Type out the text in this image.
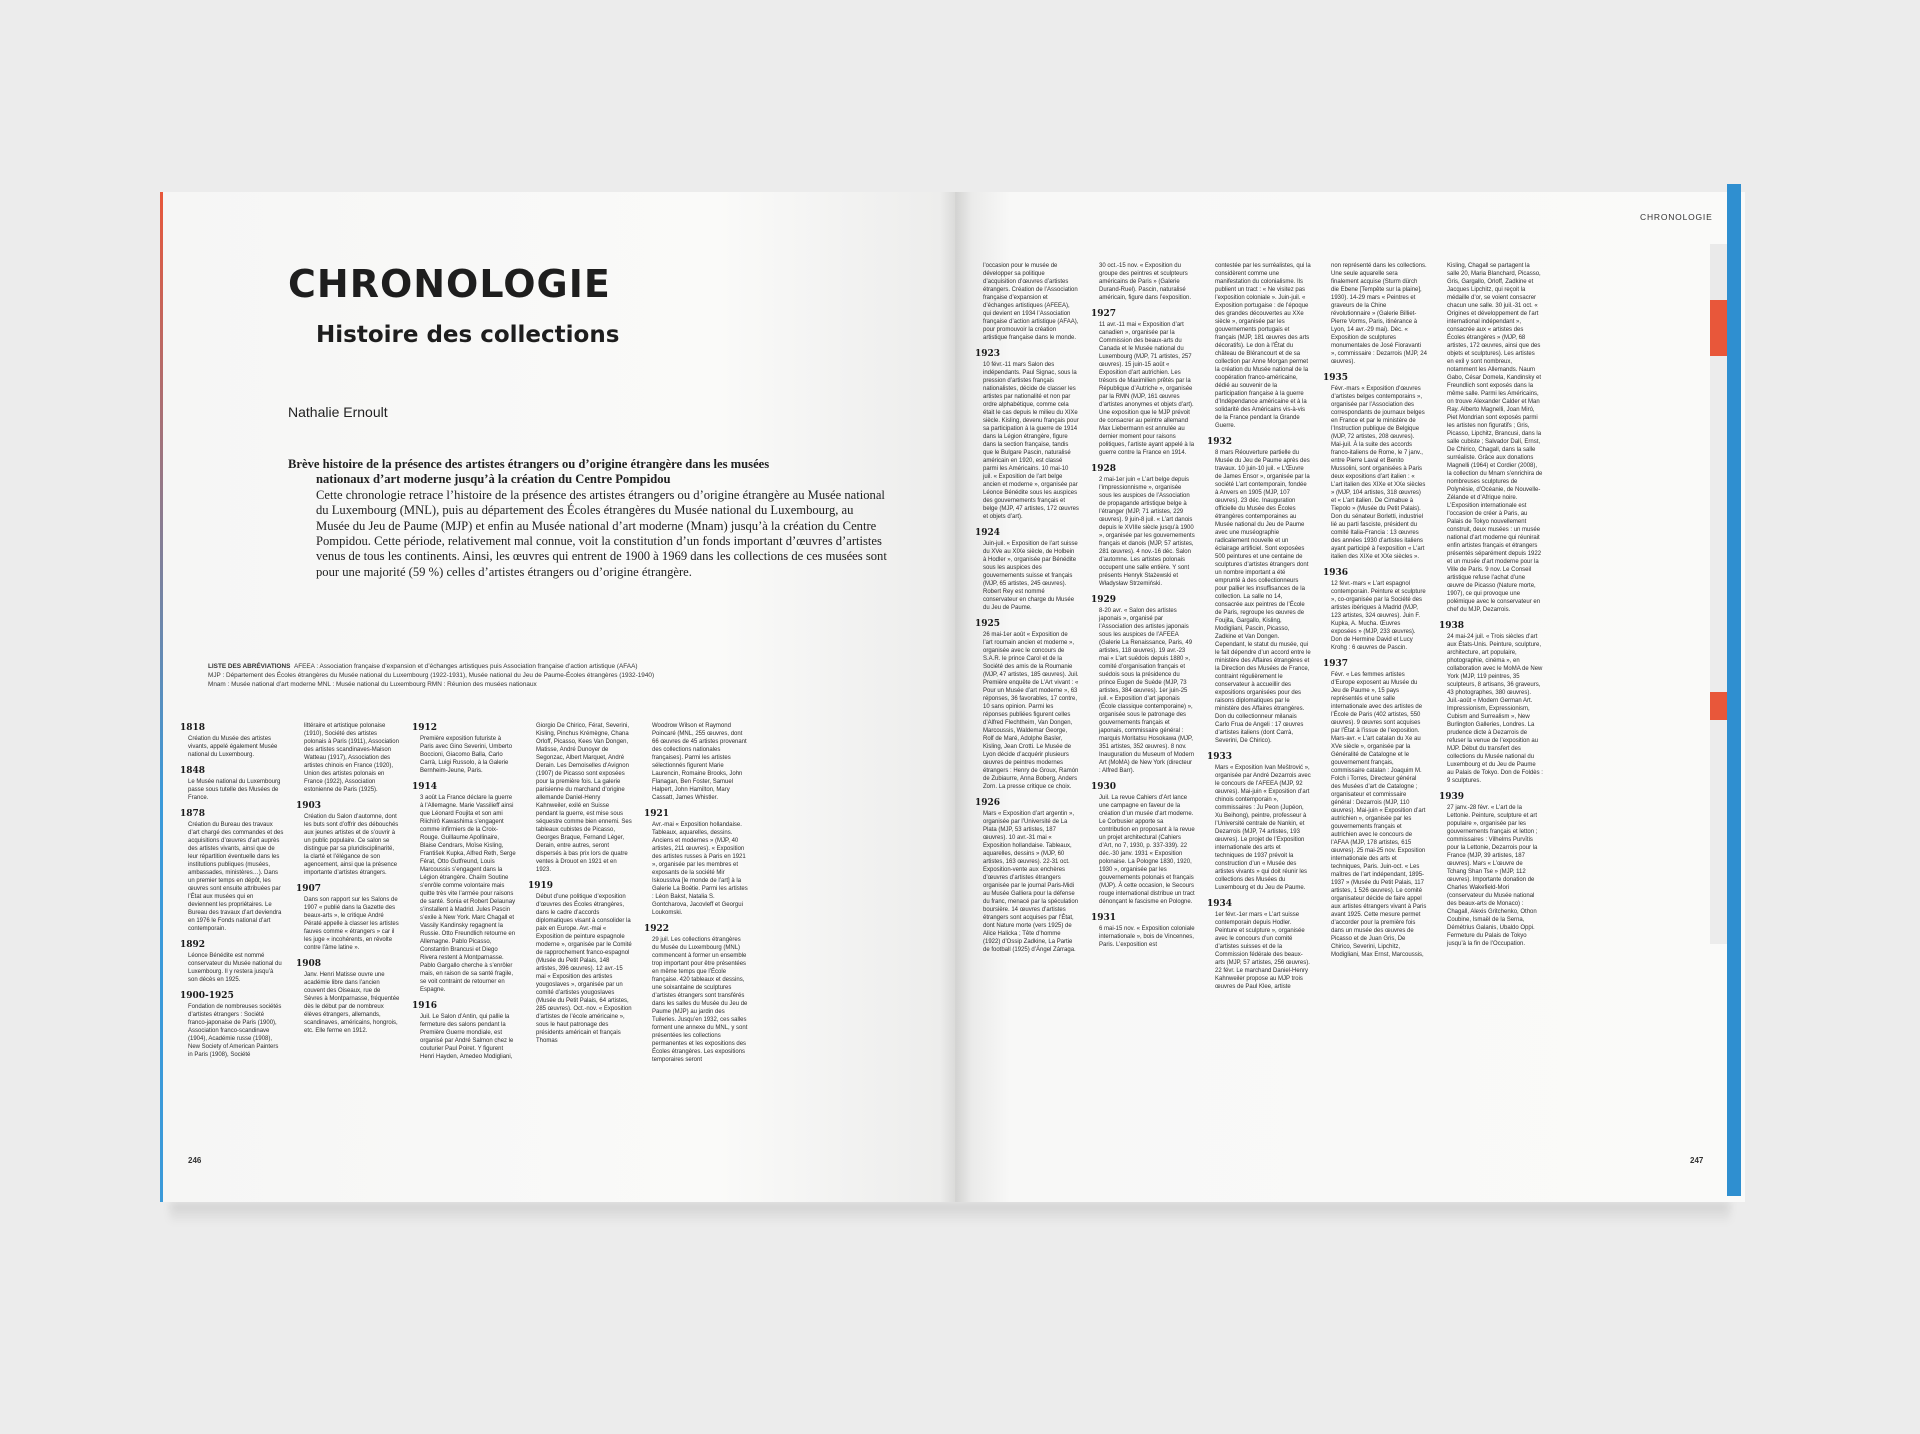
CHRONOLOGIE
Histoire des collections
Nathalie Ernoult
Brève histoire de la présence des artistes étrangers ou d’origine étrangère dans les musées
nationaux d’art moderne jusqu’à la création du Centre Pompidou
Cette chronologie retrace l’histoire de la présence des artistes étrangers ou d’origine étrangère au Musée national du Luxembourg (MNL), puis au département des Écoles étrangères du Musée national du Luxembourg, au Musée du Jeu de Paume (MJP) et enfin au Musée national d’art moderne (Mnam) jusqu’à la création du Centre Pompidou. Cette période, relativement mal connue, voit la constitution d’un fonds important d’œuvres d’artistes venus de tous les continents. Ainsi, les œuvres qui entrent de 1900 à 1969 dans les collections de ces musées sont pour une majorité (59 %) celles d’artistes étrangers ou d’origine étrangère.
LISTE DES ABRÉVIATIONS AFEEA : Association française d’expansion et d’échanges artistiques puis Association française d’action artistique (AFAA)
MJP : Département des Écoles étrangères du Musée national du Luxembourg (1922-1931), Musée national du Jeu de Paume-Écoles étrangères (1932-1940)
Mnam : Musée national d’art moderne MNL : Musée national du Luxembourg RMN : Réunion des musées nationaux
1818
Création du Musée des artistes vivants, appelé également Musée national du Luxembourg.
1848
Le Musée national du Luxembourg passe sous tutelle des Musées de France.
1878
Création du Bureau des travaux d’art chargé des commandes et des acquisitions d’œuvres d’art auprès des artistes vivants, ainsi que de leur répartition éventuelle dans les institutions publiques (musées, ambassades, ministères…). Dans un premier temps en dépôt, les œuvres sont ensuite attribuées par l’État aux musées qui en deviennent les propriétaires. Le Bureau des travaux d’art deviendra en 1976 le Fonds national d’art contemporain.
1892
Léonce Bénédite est nommé conservateur du Musée national du Luxembourg. Il y restera jusqu’à son décès en 1925.
1900-1925
Fondation de nombreuses sociétés d’artistes étrangers : Société franco-japonaise de Paris (1900), Association franco-scandinave (1904), Académie russe (1908), New Society of American Painters in Paris (1908), Société
littéraire et artistique polonaise (1910), Société des artistes polonais à Paris (1911), Association des artistes scandinaves-Maison Watteau (1917), Association des artistes chinois en France (1920), Union des artistes polonais en France (1922), Association estonienne de Paris (1925).
1903
Création du Salon d’automne, dont les buts sont d’offrir des débouchés aux jeunes artistes et de s’ouvrir à un public populaire. Ce salon se distingue par sa pluridisciplinarité, la clarté et l’élégance de son agencement, ainsi que la présence importante d’artistes étrangers.
1907
Dans son rapport sur les Salons de 1907 « publié dans la Gazette des beaux-arts », le critique André Pératé appelle à classer les artistes fauves comme « étrangers » car il les juge « incohérents, en révolte contre l’âme latine ».
1908
Janv. Henri Matisse ouvre une académie libre dans l’ancien couvent des Oiseaux, rue de Sèvres à Montparnasse, fréquentée dès le début par de nombreux élèves étrangers, allemands, scandinaves, américains, hongrois, etc. Elle ferme en 1912.
1912
Première exposition futuriste à Paris avec Gino Severini, Umberto Boccioni, Giacomo Balla, Carlo Carrà, Luigi Russolo, à la Galerie Bernheim-Jeune, Paris.
1914
3 août La France déclare la guerre à l’Allemagne. Marie Vassilieff ainsi que Léonard Foujita et son ami Riichirô Kawashima s’engagent comme infirmiers de la Croix-Rouge. Guillaume Apollinaire, Blaise Cendrars, Moïse Kisling, František Kupka, Alfred Reth, Serge Férat, Otto Gutfreund, Louis Marcoussis s’engagent dans la Légion étrangère. Chaïm Soutine s’enrôle comme volontaire mais quitte très vite l’armée pour raisons de santé. Sonia et Robert Delaunay s’installent à Madrid. Jules Pascin s’exile à New York. Marc Chagall et Vassily Kandinsky regagnent la Russie. Otto Freundlich retourne en Allemagne. Pablo Picasso, Constantin Brancusi et Diego Rivera restent à Montparnasse. Pablo Gargallo cherche à s’enrôler mais, en raison de sa santé fragile, se voit contraint de retourner en Espagne.
1916
Juil. Le Salon d’Antin, qui pallie la fermeture des salons pendant la Première Guerre mondiale, est organisé par André Salmon chez le couturier Paul Poiret. Y figurent Henri Hayden, Amedeo Modigliani,
Giorgio De Chirico, Férat, Severini, Kisling, Pinchus Krémègne, Chana Orloff, Picasso, Kees Van Dongen, Matisse, André Dunoyer de Segonzac, Albert Marquet, André Derain. Les Demoiselles d’Avignon (1907) de Picasso sont exposées pour la première fois. La galerie parisienne du marchand d’origine allemande Daniel-Henry Kahnweiler, exilé en Suisse pendant la guerre, est mise sous séquestre comme bien ennemi. Ses tableaux cubistes de Picasso, Georges Braque, Fernand Léger, Derain, entre autres, seront dispersés à bas prix lors de quatre ventes à Drouot en 1921 et en 1923.
1919
Début d’une politique d’exposition d’œuvres des Écoles étrangères, dans le cadre d’accords diplomatiques visant à consolider la paix en Europe. Avr.-mai « Exposition de peinture espagnole moderne », organisée par le Comité de rapprochement franco-espagnol (Musée du Petit Palais, 148 artistes, 396 œuvres). 12 avr.-15 mai « Exposition des artistes yougoslaves », organisée par un comité d’artistes yougoslaves (Musée du Petit Palais, 64 artistes, 285 œuvres). Oct.-nov. « Exposition d’artistes de l’école américaine », sous le haut patronage des présidents américain et français Thomas
Woodrow Wilson et Raymond Poincaré (MNL, 255 œuvres, dont 66 œuvres de 45 artistes provenant des collections nationales françaises). Parmi les artistes sélectionnés figurent Marie Laurencin, Romaine Brooks, John Flanagan, Ben Foster, Samuel Halpert, John Hamilton, Mary Cassatt, James Whistler.
1921
Avr.-mai « Exposition hollandaise. Tableaux, aquarelles, dessins. Anciens et modernes » (MJP, 40 artistes, 211 œuvres). « Exposition des artistes russes à Paris en 1921 », organisée par les membres et exposants de la société Mir Iskousstva [le monde de l’art] à la Galerie La Boétie. Parmi les artistes : Léon Bakst, Natalia S. Gontcharova, Jacovleff et Georgui Loukomski.
1922
29 juil. Les collections étrangères du Musée du Luxembourg (MNL) commencent à former un ensemble trop important pour être présentées en même temps que l’École française. 420 tableaux et dessins, une soixantaine de sculptures d’artistes étrangers sont transférés dans les salles du Musée du Jeu de Paume (MJP) au jardin des Tuileries. Jusqu’en 1932, ces salles forment une annexe du MNL, y sont présentées les collections permanentes et les expositions des Écoles étrangères. Les expositions temporaires seront
246
l’occasion pour le musée de développer sa politique d’acquisition d’œuvres d’artistes étrangers. Création de l’Association française d’expansion et d’échanges artistiques (AFEEA), qui devient en 1934 l’Association française d’action artistique (AFAA), pour promouvoir la création artistique française dans le monde.
1923
10 févr.-11 mars Salon des indépendants. Paul Signac, sous la pression d’artistes français nationalistes, décide de classer les artistes par nationalité et non par ordre alphabétique, comme cela était le cas depuis le milieu du XIXe siècle. Kisling, devenu français pour sa participation à la guerre de 1914 dans la Légion étrangère, figure dans la section française, tandis que le Bulgare Pascin, naturalisé américain en 1920, est classé parmi les Américains. 10 mai-10 juil. « Exposition de l’art belge ancien et moderne », organisée par Léonce Bénédite sous les auspices des gouvernements français et belge (MJP, 47 artistes, 172 œuvres et objets d’art).
1924
Juin-juil. « Exposition de l’art suisse du XVe au XIXe siècle, de Holbein à Hodler », organisée par Bénédite sous les auspices des gouvernements suisse et français (MJP, 65 artistes, 245 œuvres). Robert Rey est nommé conservateur en charge du Musée du Jeu de Paume.
1925
26 mai-1er août « Exposition de l’art roumain ancien et moderne », organisée avec le concours de S.A.R. le prince Carol et de la Société des amis de la Roumanie (MJP, 47 artistes, 185 œuvres). Juil. Première enquête de L’Art vivant : « Pour un Musée d’art moderne », 63 réponses, 36 favorables, 17 contre, 10 sans opinion. Parmi les réponses publiées figurent celles d’Alfred Flechtheim, Van Dongen, Marcoussis, Waldemar George, Rolf de Maré, Adolphe Basler, Kisling, Jean Crotti. Le Musée de Lyon décide d’acquérir plusieurs œuvres de peintres modernes étrangers : Henry de Groux, Ramón de Zubiaurre, Anna Boberg, Anders Zorn. La presse critique ce choix.
1926
Mars « Exposition d’art argentin », organisée par l’Université de La Plata (MJP, 53 artistes, 187 œuvres). 10 avr.-31 mai « Exposition hollandaise. Tableaux, aquarelles, dessins » (MJP, 60 artistes, 163 œuvres). 22-31 oct. Exposition-vente aux enchères d’œuvres d’artistes étrangers organisée par le journal Paris-Midi au Musée Galliera pour la défense du franc, menacé par la spéculation boursière. 14 œuvres d’artistes étrangers sont acquises par l’État, dont Nature morte (vers 1925) de Alice Halicka ; Tête d’homme (1922) d’Ossip Zadkine, La Partie de football (1925) d’Ángel Zárraga.
30 oct.-15 nov. « Exposition du groupe des peintres et sculpteurs américains de Paris » (Galerie Durand-Ruel). Pascin, naturalisé américain, figure dans l’exposition.
1927
11 avr.-11 mai « Exposition d’art canadien », organisée par la Commission des beaux-arts du Canada et le Musée national du Luxembourg (MJP, 71 artistes, 257 œuvres). 15 juin-15 août « Exposition d’art autrichien. Les trésors de Maximilien prêtés par la République d’Autriche », organisée par la RMN (MJP, 161 œuvres d’artistes anonymes et objets d’art). Une exposition que le MJP prévoit de consacrer au peintre allemand Max Liebermann est annulée au dernier moment pour raisons politiques, l’artiste ayant appelé à la guerre contre la France en 1914.
1928
2 mai-1er juin « L’art belge depuis l’impressionnisme », organisée sous les auspices de l’Association de propagande artistique belge à l’étranger (MJP, 71 artistes, 229 œuvres). 9 juin-8 juil. « L’art danois depuis le XVIIIe siècle jusqu’à 1900 », organisée par les gouvernements français et danois (MJP, 57 artistes, 281 œuvres). 4 nov.-16 déc. Salon d’automne. Les artistes polonais occupent une salle entière. Y sont présents Henryk Stażewski et Władysław Strzemiński.
1929
8-20 avr. « Salon des artistes japonais », organisé par l’Association des artistes japonais sous les auspices de l’AFEEA (Galerie La Renaissance, Paris, 49 artistes, 118 œuvres). 19 avr.-23 mai « L’art suédois depuis 1880 », comité d’organisation français et suédois sous la présidence du prince Eugen de Suède (MJP, 73 artistes, 384 œuvres). 1er juin-25 juil. « Exposition d’art japonais (École classique contemporaine) », organisée sous le patronage des gouvernements français et japonais, commissaire général : marquis Moritatsu Hosokawa (MJP, 351 artistes, 352 œuvres). 8 nov. Inauguration du Museum of Modern Art (MoMA) de New York (directeur : Alfred Barr).
1930
Juil. La revue Cahiers d’Art lance une campagne en faveur de la création d’un musée d’art moderne. Le Corbusier apporte sa contribution en proposant à la revue un projet architectural (Cahiers d’Art, no 7, 1930, p. 337-339). 22 déc.-30 janv. 1931 « Exposition polonaise. La Pologne 1830, 1920, 1930 », organisée par les gouvernements polonais et français (MJP). À cette occasion, le Secours rouge international distribue un tract dénonçant le fascisme en Pologne.
1931
6 mai-15 nov. « Exposition coloniale internationale », bois de Vincennes, Paris. L’exposition est
contestée par les surréalistes, qui la considèrent comme une manifestation du colonialisme. Ils publient un tract : « Ne visitez pas l’exposition coloniale ». Juin-juil. « Exposition portugaise : de l’époque des grandes découvertes au XXe siècle », organisée par les gouvernements portugais et français (MJP, 181 œuvres des arts décoratifs). Le don à l’État du château de Blérancourt et de sa collection par Anne Morgan permet la création du Musée national de la coopération franco-américaine, dédié au souvenir de la participation française à la guerre d’Indépendance américaine et à la solidarité des Américains vis-à-vis de la France pendant la Grande Guerre.
1932
8 mars Réouverture partielle du Musée du Jeu de Paume après des travaux. 10 juin-10 juil. « L’Œuvre de James Ensor », organisée par la société L’art contemporain, fondée à Anvers en 1905 (MJP, 107 œuvres). 23 déc. Inauguration officielle du Musée des Écoles étrangères contemporaines au Musée national du Jeu de Paume avec une muséographie radicalement nouvelle et un éclairage artificiel. Sont exposées 500 peintures et une centaine de sculptures d’artistes étrangers dont un nombre important a été emprunté à des collectionneurs pour pallier les insuffisances de la collection. La salle no 14, consacrée aux peintres de l’École de Paris, regroupe les œuvres de Foujita, Gargallo, Kisling, Modigliani, Pascin, Picasso, Zadkine et Van Dongen. Cependant, le statut du musée, qui le fait dépendre d’un accord entre le ministère des Affaires étrangères et la Direction des Musées de France, contraint régulièrement le conservateur à accueillir des expositions organisées pour des raisons diplomatiques par le ministère des Affaires étrangères. Don du collectionneur milanais Carlo Frua de Angeli : 17 œuvres d’artistes italiens (dont Carrà, Severini, De Chirico).
1933
Mars « Exposition Ivan Meštrović », organisée par André Dezarrois avec le concours de l’AFEEA (MJP, 92 œuvres). Mai-juin « Exposition d’art chinois contemporain », commissaires : Ju Peon (Jupéon, Xu Beihong), peintre, professeur à l’Université centrale de Nankin, et Dezarrois (MJP, 74 artistes, 193 œuvres). Le projet de l’Exposition internationale des arts et techniques de 1937 prévoit la construction d’un « Musée des artistes vivants » qui doit réunir les collections des Musées du Luxembourg et du Jeu de Paume.
1934
1er févr.-1er mars « L’art suisse contemporain depuis Hodler. Peinture et sculpture », organisée avec le concours d’un comité d’artistes suisses et de la Commission fédérale des beaux-arts (MJP, 57 artistes, 256 œuvres). 22 févr. Le marchand Daniel-Henry Kahnweiler propose au MJP trois œuvres de Paul Klee, artiste
non représenté dans les collections. Une seule aquarelle sera finalement acquise (Sturm dürch die Ebene [Tempête sur la plaine], 1930). 14-29 mars « Peintres et graveurs de la Chine révolutionnaire » (Galerie Billiet-Pierre Vorms, Paris, itinérance à Lyon, 14 avr.-29 mai). Déc. « Exposition de sculptures monumentales de José Fioravanti », commissaire : Dezarrois (MJP, 24 œuvres).
1935
Févr.-mars « Exposition d’œuvres d’artistes belges contemporains », organisée par l’Association des correspondants de journaux belges en France et par le ministère de l’Instruction publique de Belgique (MJP, 72 artistes, 208 œuvres). Mai-juil. À la suite des accords franco-italiens de Rome, le 7 janv., entre Pierre Laval et Benito Mussolini, sont organisées à Paris deux expositions d’art italien : « L’art italien des XIXe et XXe siècles » (MJP, 104 artistes, 318 œuvres) et « L’art italien. De Cimabue à Tiepolo » (Musée du Petit Palais). Don du sénateur Borletti, industriel lié au parti fasciste, président du comité Italia-Francia : 13 œuvres des années 1930 d’artistes italiens ayant participé à l’exposition « L’art italien des XIXe et XXe siècles ».
1936
12 févr.-mars « L’art espagnol contemporain. Peinture et sculpture », co-organisée par la Société des artistes ibériques à Madrid (MJP, 123 artistes, 324 œuvres). Juin F. Kupka, A. Mucha. Œuvres exposées » (MJP, 233 œuvres). Don de Hermine David et Lucy Krohg : 6 œuvres de Pascin.
1937
Févr. « Les femmes artistes d’Europe exposent au Musée du Jeu de Paume », 15 pays représentés et une salle internationale avec des artistes de l’École de Paris (402 artistes, 550 œuvres). 9 œuvres sont acquises par l’État à l’issue de l’exposition. Mars-avr. « L’art catalan du Xe au XVe siècle », organisée par la Généralité de Catalogne et le gouvernement français, commissaire catalan : Joaquim M. Folch i Torres, Directeur général des Musées d’art de Catalogne ; organisateur et commissaire général : Dezarrois (MJP, 110 œuvres). Mai-juin « Exposition d’art autrichien », organisée par les gouvernements français et autrichien avec le concours de l’AFAA (MJP, 178 artistes, 615 œuvres). 25 mai-25 nov. Exposition internationale des arts et techniques, Paris. Juin-oct. « Les maîtres de l’art indépendant, 1895-1937 » (Musée du Petit Palais, 117 artistes, 1 526 œuvres). Le comité organisateur décide de faire appel aux artistes étrangers vivant à Paris avant 1925. Cette mesure permet d’accorder pour la première fois dans un musée des œuvres de Picasso et de Juan Gris, De Chirico, Severini, Lipchitz, Modigliani, Max Ernst, Marcoussis,
Kisling, Chagall se partagent la salle 20, Maria Blanchard, Picasso, Gris, Gargallo, Orloff, Zadkine et Jacques Lipchitz, qui reçoit la médaille d’or, se voient consacrer chacun une salle. 30 juil.-31 oct. « Origines et développement de l’art international indépendant », consacrée aux « artistes des Écoles étrangères » (MJP, 68 artistes, 172 œuvres, ainsi que des objets et sculptures). Les artistes en exil y sont nombreux, notamment les Allemands. Naum Gabo, César Domela, Kandinsky et Freundlich sont exposés dans la même salle. Parmi les Américains, on trouve Alexander Calder et Man Ray. Alberto Magnelli, Joan Miró, Piet Mondrian sont exposés parmi les artistes non figuratifs ; Gris, Picasso, Lipchitz, Brancusi, dans la salle cubiste ; Salvador Dalí, Ernst, De Chirico, Chagall, dans la salle surréaliste. Grâce aux donations Magnelli (1964) et Cordier (2008), la collection du Mnam s’enrichira de nombreuses sculptures de Polynésie, d’Océanie, de Nouvelle-Zélande et d’Afrique noire. L’Exposition internationale est l’occasion de créer à Paris, au Palais de Tokyo nouvellement construit, deux musées : un musée national d’art moderne qui réunirait enfin artistes français et étrangers présentés séparément depuis 1922 et un musée d’art moderne pour la Ville de Paris. 9 nov. Le Conseil artistique refuse l’achat d’une œuvre de Picasso (Nature morte, 1907), ce qui provoque une polémique avec le conservateur en chef du MJP, Dezarrois.
1938
24 mai-24 juil. « Trois siècles d’art aux États-Unis. Peinture, sculpture, architecture, art populaire, photographie, cinéma », en collaboration avec le MoMA de New York (MJP, 119 peintres, 35 sculpteurs, 8 artisans, 36 graveurs, 43 photographes, 380 œuvres). Juil.-août « Modern German Art. Impressionism, Expressionism, Cubism and Surrealism », New Burlington Galleries, Londres. La prudence dicte à Dezarrois de refuser la venue de l’exposition au MJP. Début du transfert des collections du Musée national du Luxembourg et du Jeu de Paume au Palais de Tokyo. Don de Foldès : 9 sculptures.
1939
27 janv.-28 févr. « L’art de la Lettonie. Peinture, sculpture et art populaire », organisée par les gouvernements français et letton ; commissaires : Vilhelms Purvītis pour la Lettonie, Dezarrois pour la France (MJP, 39 artistes, 187 œuvres). Mars « L’œuvre de Tchang Shan Tse » (MJP, 112 œuvres). Importante donation de Charles Wakefield-Mori (conservateur du Musée national des beaux-arts de Monaco) : Chagall, Alexis Gritchenko, Othon Coubine, Ismaël de la Serna, Démétrius Galanis, Ubaldo Oppi. Fermeture du Palais de Tokyo jusqu’à la fin de l’Occupation.
247
CHRONOLOGIE
